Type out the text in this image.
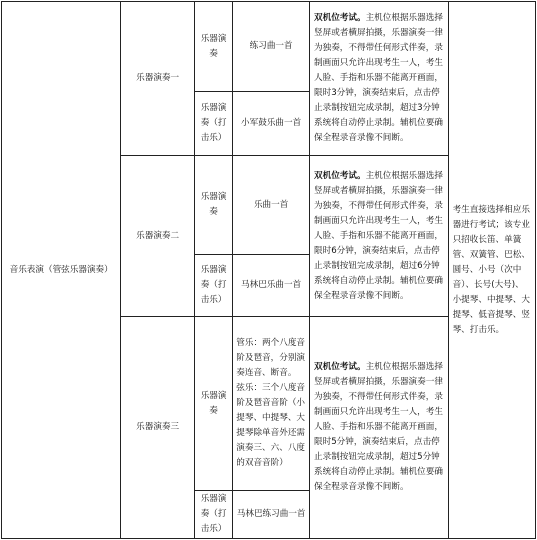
音乐表演（管弦乐器演奏）	乐器演奏一	乐器演奏	练习曲一首	双机位考试。主机位根据乐器选择竖屏或者横屏拍摄，乐器演奏一律为独奏，不得带任何形式伴奏，录制画面只允许出现考生一人，考生人脸、手指和乐器不能离开画面，限时3分钟，演奏结束后，点击停止录制按钮完成录制，超过3分钟系统将自动停止录制。辅机位要确保全程录音录像不间断。	考生直接选择相应乐器进行考试；该专业只招收长笛、单簧管、双簧管、巴松、圆号、小号（次中音）、长号(大号)、小提琴、中提琴、大提琴、低音提琴、竖琴、打击乐。
		乐器演奏（打击乐）	小军鼓乐曲一首		
	乐器演奏二	乐器演奏	乐曲一首	双机位考试。主机位根据乐器选择竖屏或者横屏拍摄，乐器演奏一律为独奏，不得带任何形式伴奏，录制画面只允许出现考生一人，考生人脸、手指和乐器不能离开画面，限时6分钟，演奏结束后，点击停止录制按钮完成录制，超过6分钟系统将自动停止录制。辅机位要确保全程录音录像不间断。	

		乐器演奏（打击乐）	马林巴乐曲一首		
	乐器演奏三	乐器演奏	管乐：两个八度音阶及琶音，分别演奏连音、断音。
弦乐：三个八度音阶及琶音音阶（小提琴、中提琴、大提琴除单音外还需演奏三、六、八度的双音音阶）	双机位考试。主机位根据乐器选择竖屏或者横屏拍摄，乐器演奏一律为独奏，不得带任何形式伴奏，录制画面只允许出现考生一人，考生人脸、手指和乐器不能离开画面，限时5分钟，演奏结束后，点击停止录制按钮完成录制，超过5分钟系统将自动停止录制。辅机位要确保全程录音录像不间断。	

		乐器演奏（打击乐）	马林巴练习曲一首		
